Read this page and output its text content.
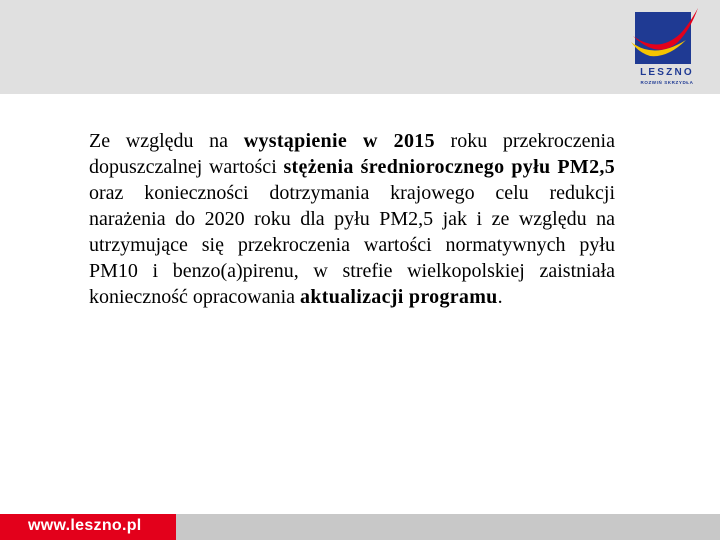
LESZNO
ROZWIŃ SKRZYDŁA

Ze względu na wystąpienie w 2015 roku przekroczenia dopuszczalnej wartości stężenia średniorocznego pyłu PM2,5 oraz konieczności dotrzymania krajowego celu redukcji narażenia do 2020 roku dla pyłu PM2,5 jak i ze względu na utrzymujące się przekroczenia wartości normatywnych pyłu PM10 i benzo(a)pirenu, w strefie wielkopolskiej zaistniała konieczność opracowania aktualizacji programu.

www.leszno.pl
